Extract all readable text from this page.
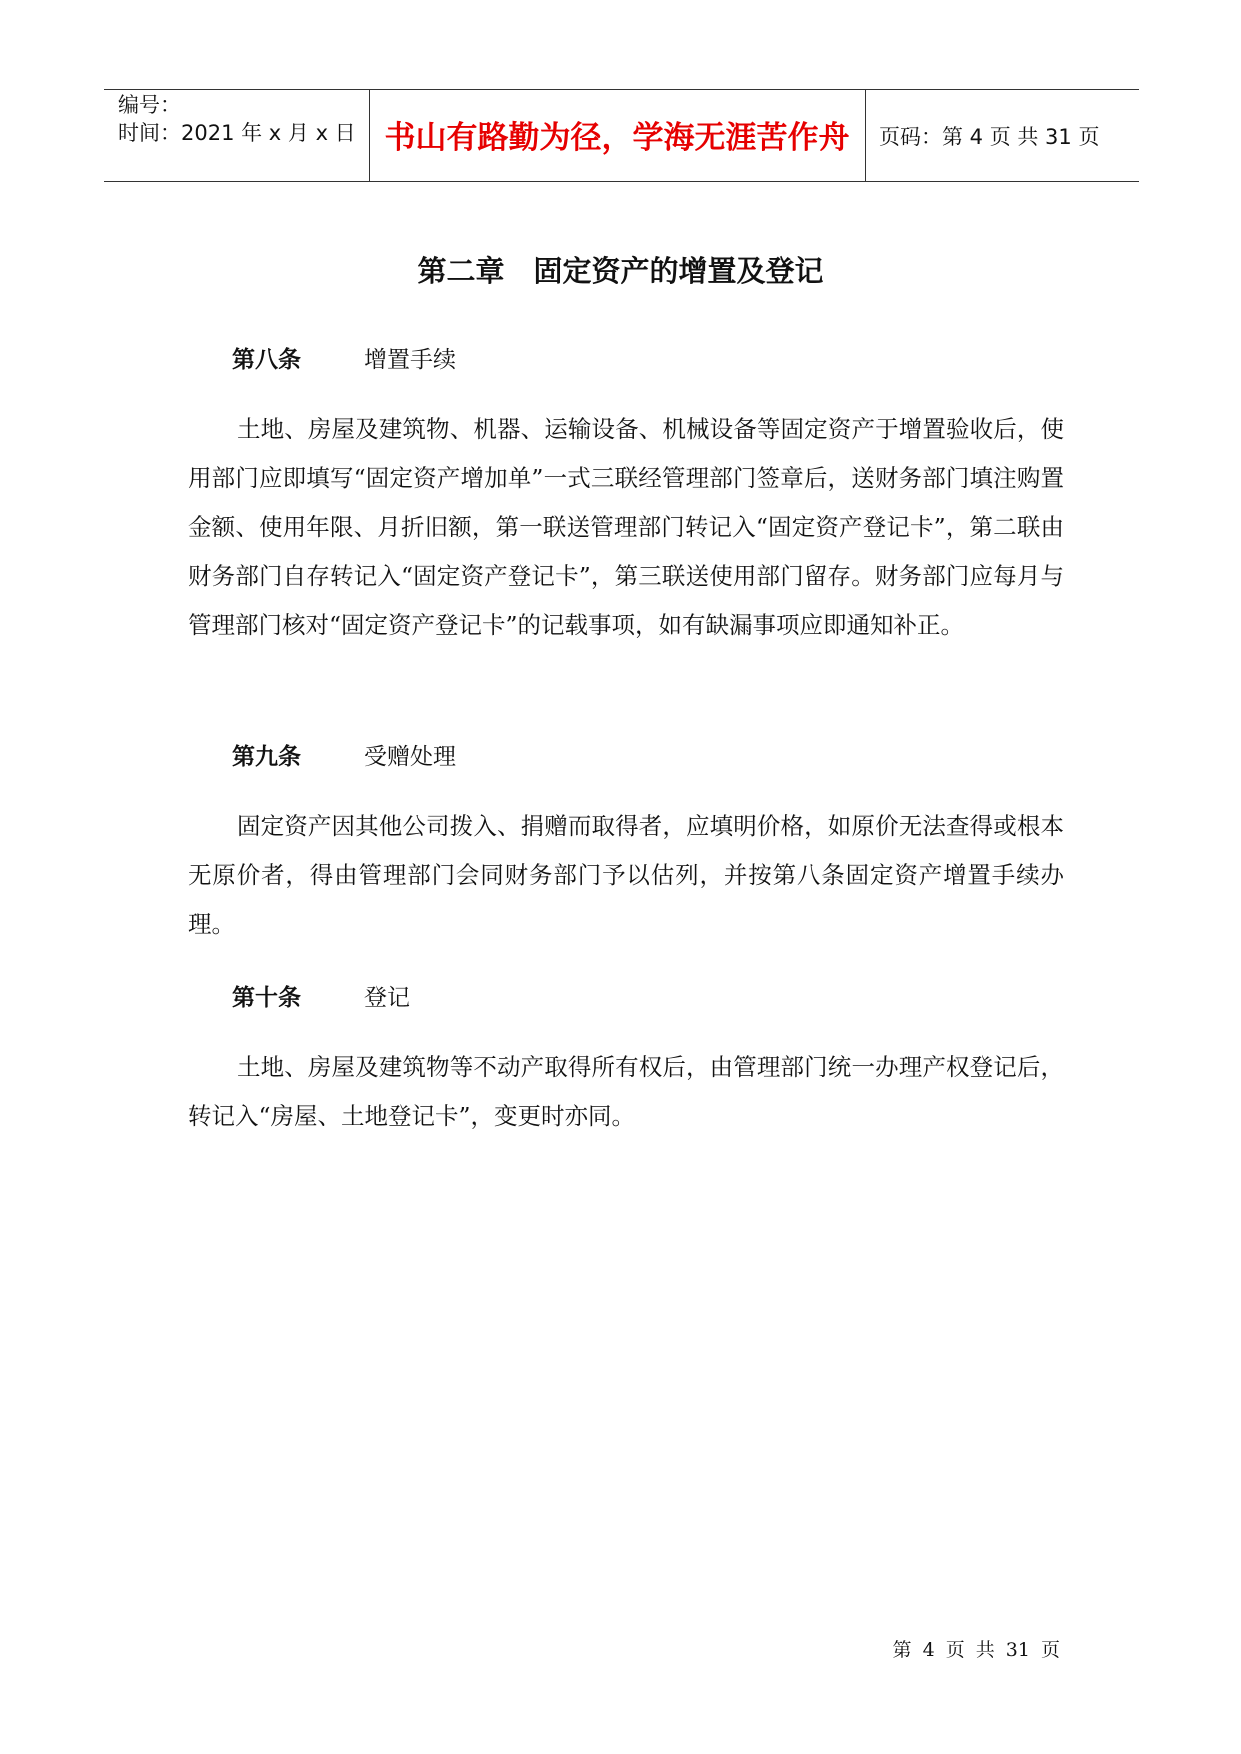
编号：
时间：2021 年 x 月 x 日 书山有路勤为径，学海无涯苦作舟	页码：第 4 页 共 31 页
第二章　固定资产的增置及登记
第八条	增置手续
土地、房屋及建筑物、机器、运输设备、机械设备等固定资产于增置验收后，使用部门应即填写“固定资产增加单”一式三联经管理部门签章后，送财务部门填注购置金额、使用年限、月折旧额，第一联送管理部门转记入“固定资产登记卡”，第二联由财务部门自存转记入“固定资产登记卡”，第三联送使用部门留存。财务部门应每月与管理部门核对“固定资产登记卡”的记载事项，如有缺漏事项应即通知补正。
第九条	受赠处理
固定资产因其他公司拨入、捐赠而取得者，应填明价格，如原价无法查得或根本无原价者，得由管理部门会同财务部门予以估列，并按第八条固定资产增置手续办理。
第十条	登记
土地、房屋及建筑物等不动产取得所有权后，由管理部门统一办理产权登记后，转记入“房屋、土地登记卡”，变更时亦同。
第 4 页 共 31 页
